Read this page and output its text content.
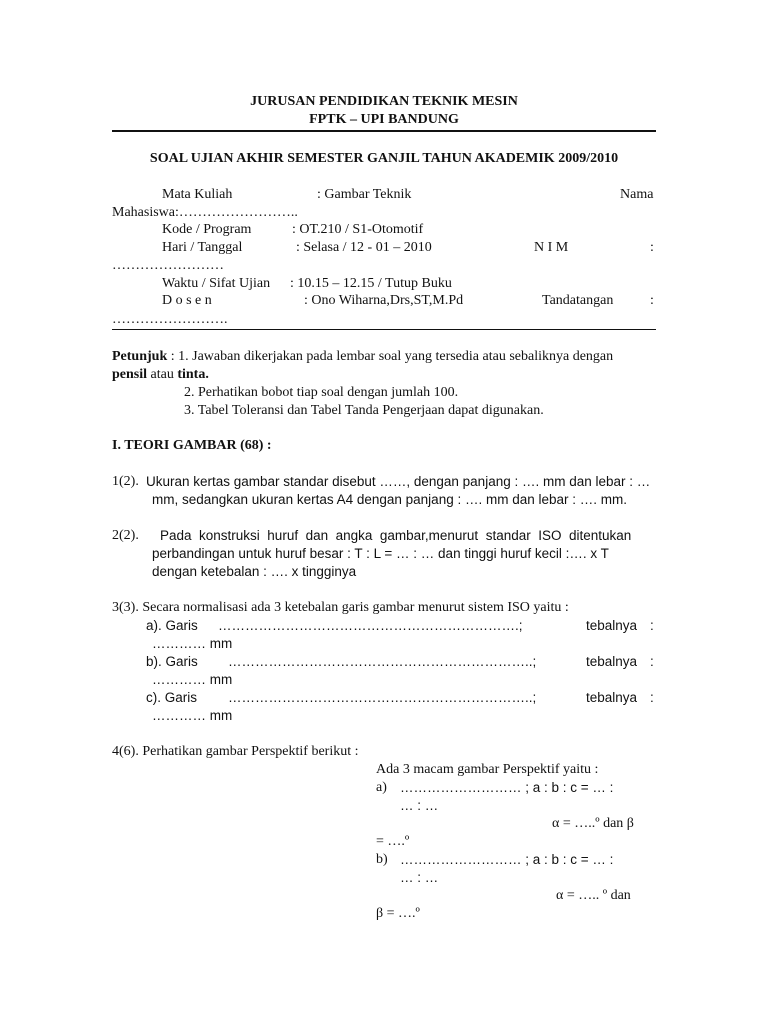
JURUSAN PENDIDIKAN TEKNIK MESIN
FPTK – UPI BANDUNG
SOAL UJIAN AKHIR SEMESTER GANJIL TAHUN AKADEMIK 2009/2010
Mata Kuliah	: Gambar Teknik	Nama
Mahasiswa:……………………..
Kode / Program	: OT.210 / S1-Otomotif
Hari / Tanggal	: Selasa / 12 - 01 – 2010	N I M	:
……………………
Waktu / Sifat Ujian : 10.15 – 12.15 / Tutup Buku
D o s e n	: Ono Wiharna,Drs,ST,M.Pd	Tandatangan	:
…………………….
Petunjuk : 1. Jawaban dikerjakan pada lembar soal yang tersedia atau sebaliknya dengan
pensil atau tinta.
2. Perhatikan bobot tiap soal dengan jumlah 100.
3. Tabel Toleransi dan Tabel Tanda Pengerjaan dapat digunakan.
I. TEORI GAMBAR (68) :
1(2). Ukuran kertas gambar standar disebut ……, dengan panjang : …. mm dan lebar : …
mm, sedangkan ukuran kertas A4 dengan panjang : …. mm dan lebar : …. mm.
2(2). Pada  konstruksi  huruf  dan  angka  gambar,menurut  standar  ISO  ditentukan
perbandingan untuk huruf besar : T : L = … : … dan tinggi huruf kecil :…. x T
dengan ketebalan : …. x tingginya
3(3). Secara normalisasi ada 3 ketebalan garis gambar menurut sistem ISO yaitu :
a). Garis ………………………………………………………….;	tebalnya :
………… mm
b). Garis …………………………………………………………..;	tebalnya :
………… mm
c). Garis …………………………………………………………..;	tebalnya :
………… mm
4(6). Perhatikan gambar Perspektif berikut :
Ada 3 macam gambar Perspektif yaitu :
a) ……………………… ; a : b : c = … :
… : …
α = …..º dan β
= ….º
b) ……………………… ; a : b : c = … :
… : …
α = ….. º dan
β = ….º
